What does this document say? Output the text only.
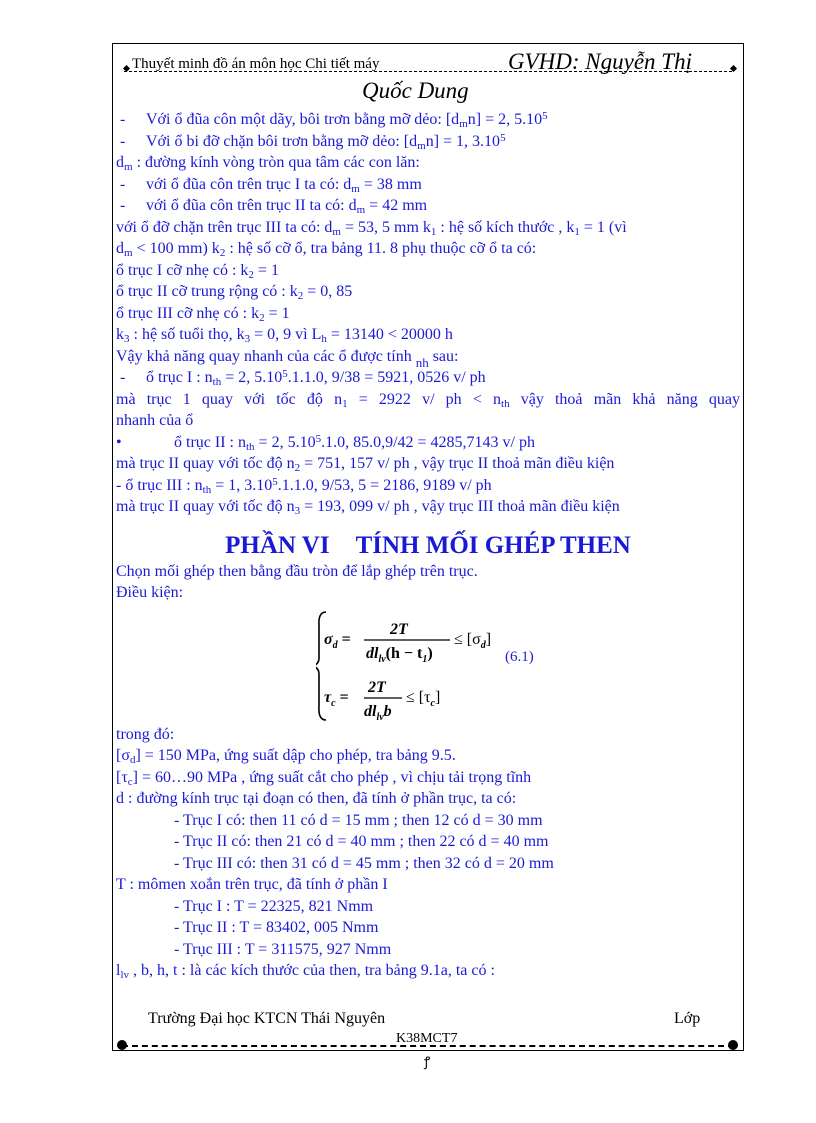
Thuyết minh đồ án môn học Chi tiết máy	GVHD: Nguyễn Thị
Quốc Dung
- Với ổ đũa côn một dãy, bôi trơn bằng mỡ dẻo: $[d_mn] = 2$, 5.10$^5$
- Với ổ bi đỡ chặn bôi trơn bằng mỡ dẻo: $[d_mn] = 1$, 3.10$^5$
$d_m$ : đường kính vòng tròn qua tâm các con lăn:
- với ổ đũa côn trên trục I ta có: $d_m = 38$ mm
- với ổ đũa côn trên trục II ta có: $d_m = 42$ mm
với ổ đỡ chặn trên trục III ta có: $d_m = 53$, 5 mm $k_1$ : hệ số kích thước , $k_1 = 1$ (vì
$d_m < 100$ mm) $k_2$ : hệ số cỡ ổ, tra bảng 11. 8 phụ thuộc cỡ ổ ta có:
ổ trục I cỡ nhẹ có : $k_2 = 1$
ổ trục II cỡ trung rộng có : $k_2 = 0$, 85
ổ trục III cỡ nhẹ có : $k_2 = 1$
$k_3$ : hệ số tuổi thọ, $k_3 = 0$, 9 vì $L_h = 13140 < 20000$ h
Vậy khả năng quay nhanh của các ổ được tính $_{nh}$ sau:
- ổ trục I : $n_{th} = 2$, 5.10$^5$.1.1.0, 9/38 = 5921, 0526 v/ ph
mà trục 1 quay với tốc độ $n_1 = 2922$ v/ ph < $n_{th}$ vậy thoả mãn khả năng quay
nhanh của ổ
•	ổ trục II : $n_{th} = 2$, 5.10$^5$.1.0, 85.0,9/42 = 4285,7143 v/ ph
mà trục II quay với tốc độ $n_2 = 751$, 157 v/ ph , vậy trục II thoả mãn điều kiện
- ổ trục III : $n_{th} = 1$, 3.10$^5$.1.1.0, 9/53, 5 = 2186, 9189 v/ ph
mà trục II quay với tốc độ $n_3 = 193$, 099 v/ ph , vậy trục III thoả mãn điều kiện
PHẦN VI TÍNH MỐI GHÉP THEN
Chọn mối ghép then bằng đầu tròn để lắp ghép trên trục.
Điều kiện:
$\sigma_d$ =
2T
$dl_{lv}(h - t_1)$
≤ $[\sigma_d]$
$\tau_c$ =
2T
$dl_{lv}b$
≤ $[\tau_c]$
(6.1)
trong đó:
$[\sigma_d] = 150$ MPa, ứng suất dập cho phép, tra bảng 9.5.
$[\tau_c]$ = 60…90 MPa , ứng suất cắt cho phép , vì chịu tải trọng tĩnh
d : đường kính trục tại đoạn có then, đã tính ở phần trục, ta có:
- Trục I có: then 11 có d = 15 mm ; then 12 có d = 30 mm
- Trục II có: then 21 có d = 40 mm ; then 22 có d = 40 mm
- Trục III có: then 31 có d = 45 mm ; then 32 có d = 20 mm
T : mômen xoắn trên trục, đã tính ở phần I
- Trục I : T = 22325, 821 Nmm
- Trục II : T = 83402, 005 Nmm
- Trục III : T = 311575, 927 Nmm
$l_{lv}$ , b, h, t : là các kích thước của then, tra bảng 9.1a, ta có :
Trường Đại học KTCN Thái Nguyên	Lớp
K38MCT7
ꝭ
